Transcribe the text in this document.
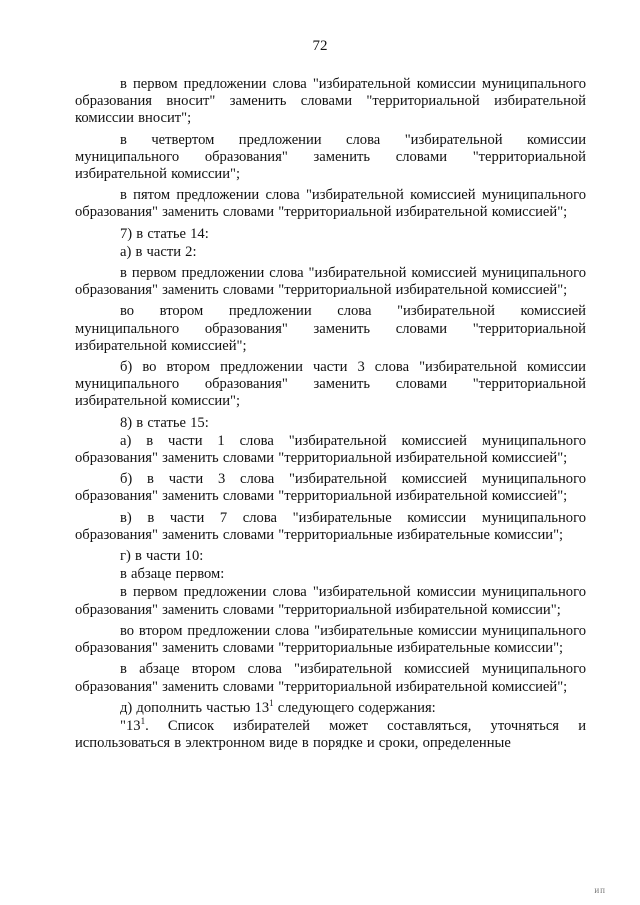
72

в первом предложении слова "избирательной комиссии муниципального образования вносит" заменить словами "территориальной избирательной комиссии вносит";

в четвертом предложении слова "избирательной комиссии муниципального образования" заменить словами "территориальной избирательной комиссии";

в пятом предложении слова "избирательной комиссией муниципального образования" заменить словами "территориальной избирательной комиссией";

7) в статье 14:

а) в части 2:

в первом предложении слова "избирательной комиссией муниципального образования" заменить словами "территориальной избирательной комиссией";

во втором предложении слова "избирательной комиссией муниципального образования" заменить словами "территориальной избирательной комиссией";

б) во втором предложении части 3 слова "избирательной комиссии муниципального образования" заменить словами "территориальной избирательной комиссии";

8) в статье 15:

а) в части 1 слова "избирательной комиссией муниципального образования" заменить словами "территориальной избирательной комиссией";

б) в части 3 слова "избирательной комиссией муниципального образования" заменить словами "территориальной избирательной комиссией";

в) в части 7 слова "избирательные комиссии муниципального образования" заменить словами "территориальные избирательные комиссии";

г) в части 10:

в абзаце первом:

в первом предложении слова "избирательной комиссии муниципального образования" заменить словами "территориальной избирательной комиссии";

во втором предложении слова "избирательные комиссии муниципального образования" заменить словами "территориальные избирательные комиссии";

в абзаце втором слова "избирательной комиссией муниципального образования" заменить словами "территориальной избирательной комиссией";

д) дополнить частью $13^1$ следующего содержания:

"$13^1$. Список избирателей может составляться, уточняться и использоваться в электронном виде в порядке и сроки, определенные

ип
